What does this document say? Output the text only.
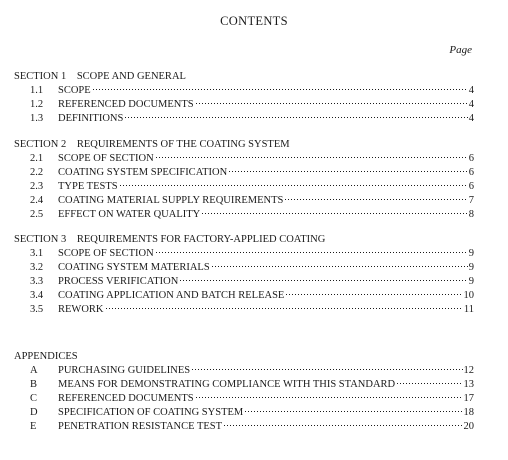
CONTENTS
Page
SECTION 1 SCOPE AND GENERAL
1.1	SCOPE	4
1.2	REFERENCED DOCUMENTS	4
1.3	DEFINITIONS	4
SECTION 2 REQUIREMENTS OF THE COATING SYSTEM
2.1	SCOPE OF SECTION	6
2.2	COATING SYSTEM SPECIFICATION	6
2.3	TYPE TESTS	6
2.4	COATING MATERIAL SUPPLY REQUIREMENTS	7
2.5	EFFECT ON WATER QUALITY	8
SECTION 3 REQUIREMENTS FOR FACTORY-APPLIED COATING
3.1	SCOPE OF SECTION	9
3.2	COATING SYSTEM MATERIALS	9
3.3	PROCESS VERIFICATION	9
3.4	COATING APPLICATION AND BATCH RELEASE	10
3.5	REWORK	11
APPENDICES
A	PURCHASING GUIDELINES	12
B	MEANS FOR DEMONSTRATING COMPLIANCE WITH THIS STANDARD	13
C	REFERENCED DOCUMENTS	17
D	SPECIFICATION OF COATING SYSTEM	18
E	PENETRATION RESISTANCE TEST	20
